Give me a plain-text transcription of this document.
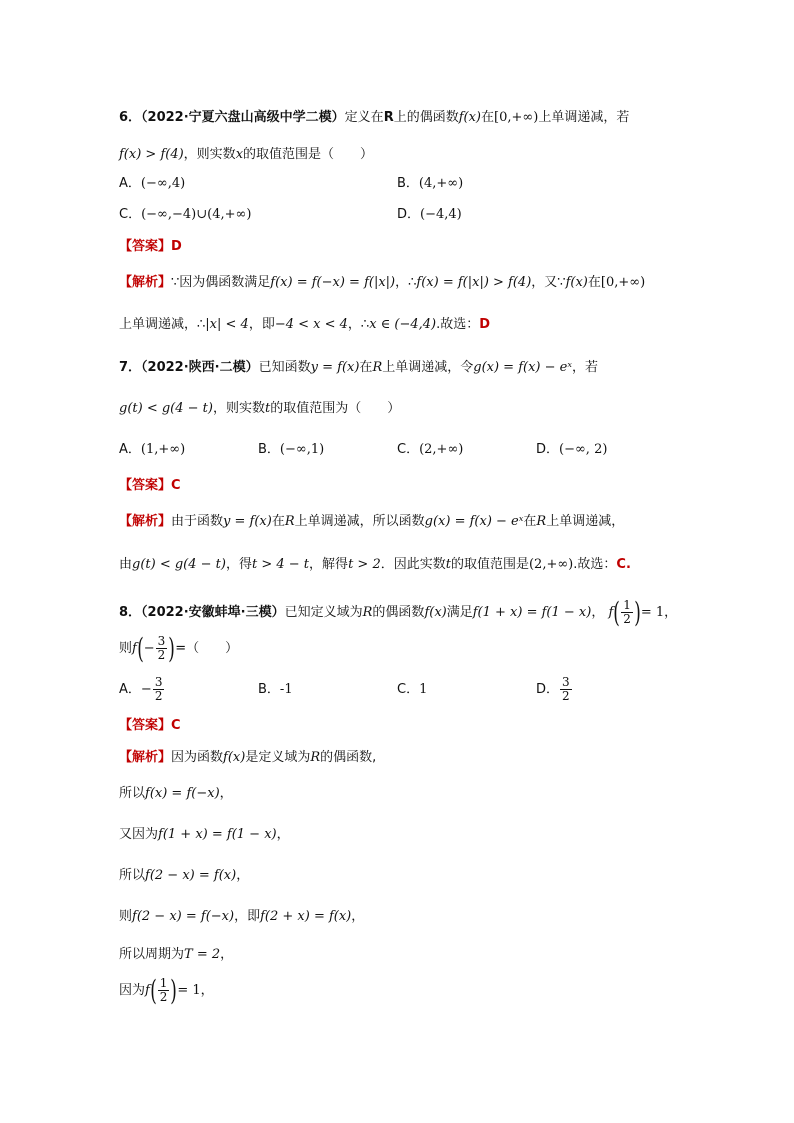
6．（2022·宁夏六盘山高级中学二模）定义在R上的偶函数f(x)在[0,+∞)上单调递减，若
f(x) > f(4)，则实数x的取值范围是（　　）
A．(−∞,4)	B．(4,+∞)
C．(−∞,−4)∪(4,+∞)	D．(−4,4)
【答案】D
【解析】∵因为偶函数满足f(x) = f(−x) = f(|x|)，∴f(x) = f(|x|) > f(4)，又∵f(x)在[0,+∞)
上单调递减，∴|x| < 4，即−4 < x < 4，∴x ∈ (−4,4).故选：D
7．（2022·陕西·二模）已知函数y = f(x)在R上单调递减，令g(x) = f(x) − eˣ，若
g(t) < g(4 − t)，则实数t的取值范围为（　　）
A．(1,+∞)	B．(−∞,1)	C．(2,+∞)	D．(−∞, 2)
【答案】C
【解析】由于函数y = f(x)在R上单调递减，所以函数g(x) = f(x) − eˣ在R上单调递减，
由g(t) < g(4 − t)，得t > 4 − t，解得t > 2．因此实数t的取值范围是(2,+∞).故选：C.
8．（2022·安徽蚌埠·三模）已知定义域为R的偶函数f(x)满足f(1 + x) = f(1 − x)， $f( \frac{1}{2}$ )= 1，
则$f(- \frac{3}{2}$ )=（　　）
A．− $\frac{3}{2}$	B．-1	C．1	D． $\frac{3}{2}$
【答案】C
【解析】因为函数f(x)是定义域为R的偶函数,
所以f(x) = f(−x)，
又因为f(1 + x) = f(1 − x)，
所以f(2 − x) = f(x)，
则f(2 − x) = f(−x)，即f(2 + x) = f(x)，
所以周期为T = 2，
因为$f( \frac{1}{2}$ )= 1，
